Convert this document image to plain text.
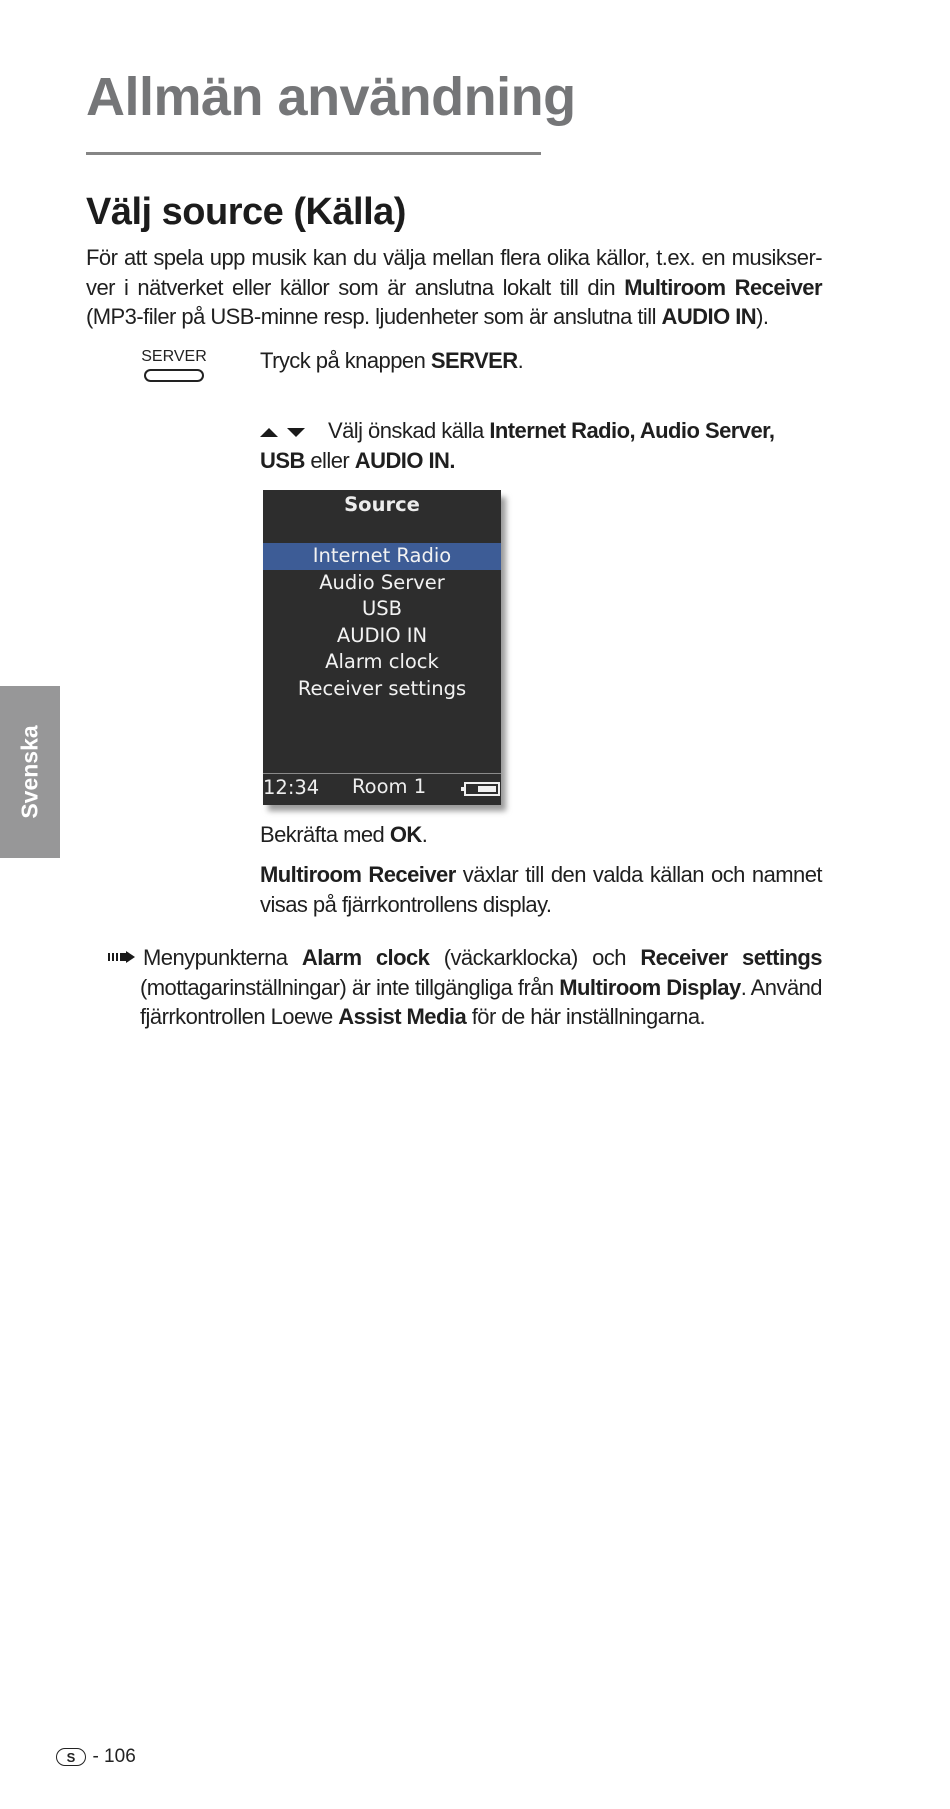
Allmän användning
Välj source (Källa)

För att spela upp musik kan du välja mellan flera olika källor, t.ex. en musikser-ver i nätverket eller källor som är anslutna lokalt till din Multiroom Receiver (MP3-filer på USB-minne resp. ljudenheter som är anslutna till AUDIO IN).

SERVER Tryck på knappen SERVER.

Välj önskad källa Internet Radio, Audio Server, USB eller AUDIO IN.

Source
Internet Radio
Audio Server
USB
AUDIO IN
Alarm clock
Receiver settings
12:34 Room 1

Bekräfta med OK.

Multiroom Receiver växlar till den valda källan och namnet visas på fjärrkontrollens display.

Menypunkterna Alarm clock (väckarklocka) och Receiver settings (mottagarinställningar) är inte tillgängliga från Multiroom Display. Använd fjärrkontrollen Loewe Assist Media för de här inställningarna.

Svenska
S - 106
